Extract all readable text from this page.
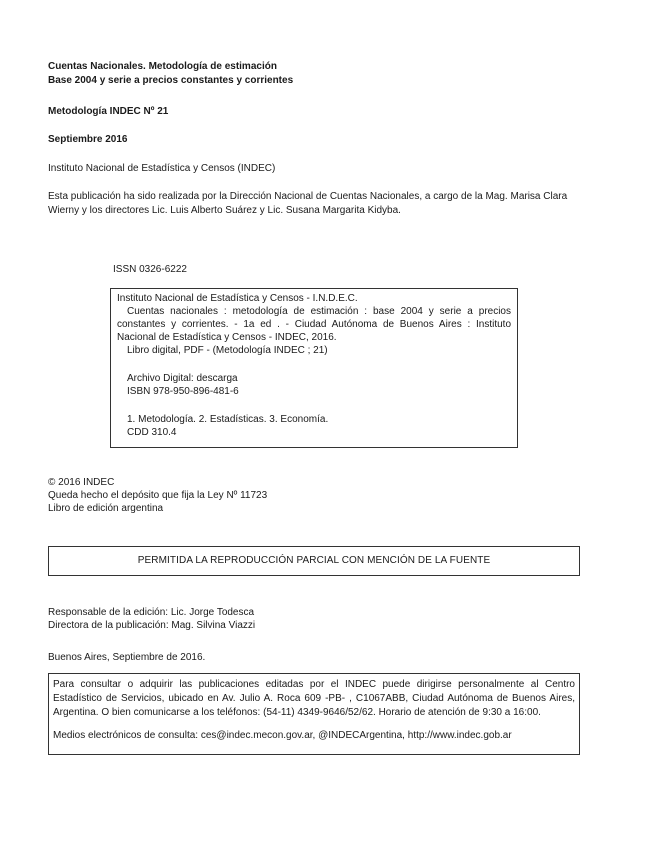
Cuentas Nacionales. Metodología de estimación
Base 2004 y serie a precios constantes y corrientes
Metodología INDEC Nº 21
Septiembre 2016
Instituto Nacional de Estadística y Censos (INDEC)
Esta publicación ha sido realizada por la Dirección Nacional de Cuentas Nacionales, a cargo de la Mag. Marisa Clara Wierny y los directores Lic. Luis Alberto Suárez y Lic. Susana Margarita Kidyba.
ISSN 0326-6222
Instituto Nacional de Estadística y Censos - I.N.D.E.C.
Cuentas nacionales : metodología de estimación : base 2004 y serie a precios
constantes y corrientes. - 1a ed . - Ciudad Autónoma de Buenos Aires : Instituto
Nacional de Estadística y Censos - INDEC, 2016.
Libro digital, PDF - (Metodología INDEC ; 21)
Archivo Digital: descarga
ISBN 978-950-896-481-6
1. Metodología. 2. Estadísticas. 3. Economía.
CDD 310.4
© 2016 INDEC
Queda hecho el depósito que fija la Ley Nº 11723
Libro de edición argentina
PERMITIDA LA REPRODUCCIÓN PARCIAL CON MENCIÓN DE LA FUENTE
Responsable de la edición: Lic. Jorge Todesca
Directora de la publicación: Mag. Silvina Viazzi
Buenos Aires, Septiembre de 2016.
Para consultar o adquirir las publicaciones editadas por el INDEC puede dirigirse personalmente al Centro Estadístico de Servicios, ubicado en Av. Julio A. Roca 609 -PB- , C1067ABB, Ciudad Autónoma de Buenos Aires, Argentina. O bien comunicarse a los teléfonos: (54-11) 4349-9646/52/62. Horario de atención de 9:30 a 16:00.
Medios electrónicos de consulta: ces@indec.mecon.gov.ar, @INDECArgentina, http://www.indec.gob.ar
